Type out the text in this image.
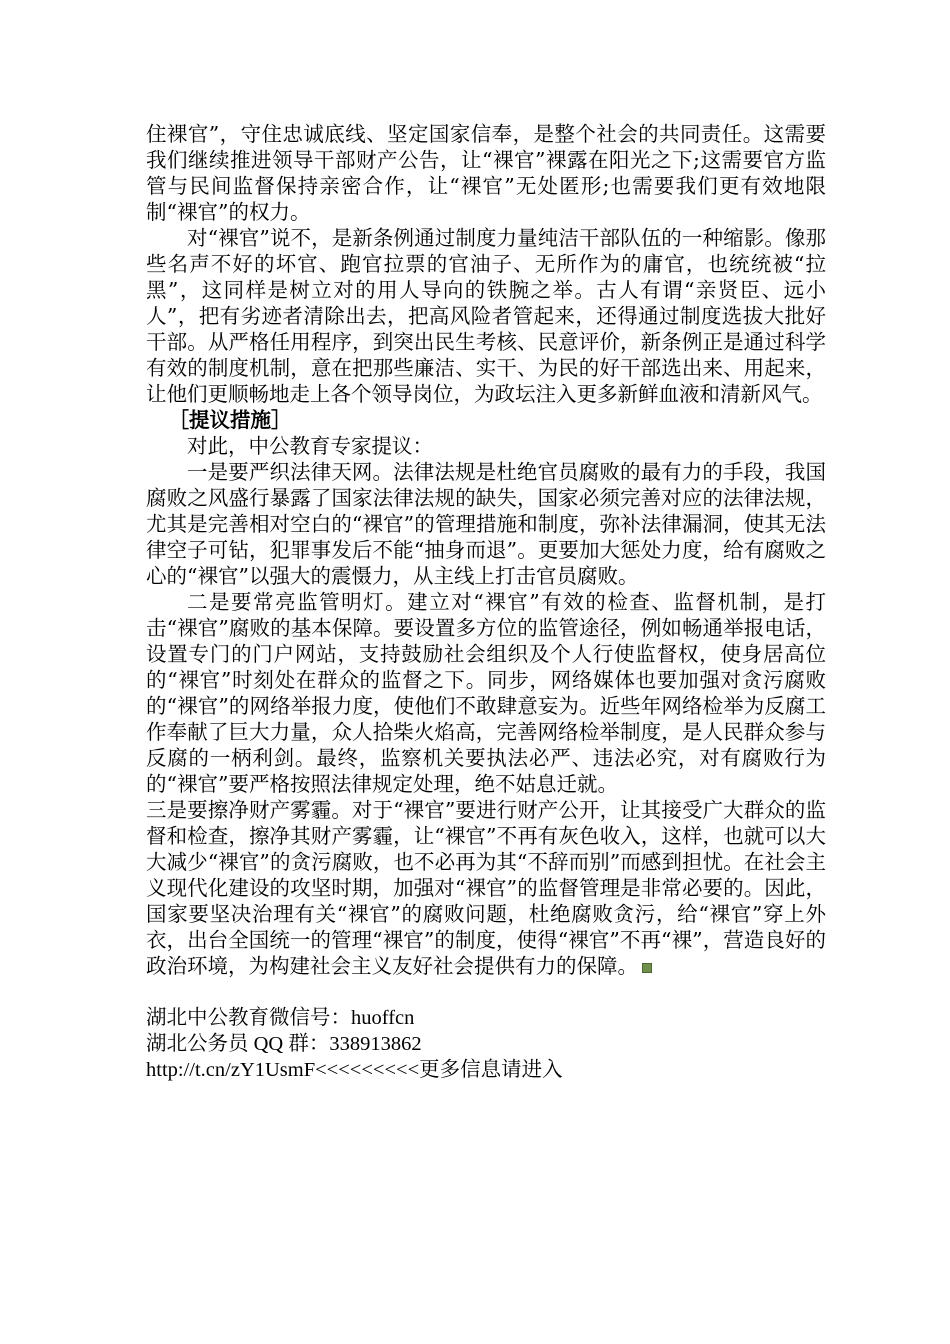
住裸官”，守住忠诚底线、坚定国家信奉，是整个社会的共同责任。这需要我们继续推进领导干部财产公告，让“裸官”裸露在阳光之下;这需要官方监管与民间监督保持亲密合作，让“裸官”无处匿形;也需要我们更有效地限制“裸官”的权力。

对“裸官”说不，是新条例通过制度力量纯洁干部队伍的一种缩影。像那些名声不好的坏官、跑官拉票的官油子、无所作为的庸官，也统统被“拉黑”，这同样是树立对的用人导向的铁腕之举。古人有谓“亲贤臣、远小人”，把有劣迹者清除出去，把高风险者管起来，还得通过制度选拔大批好干部。从严格任用程序，到突出民生考核、民意评价，新条例正是通过科学有效的制度机制，意在把那些廉洁、实干、为民的好干部选出来、用起来，让他们更顺畅地走上各个领导岗位，为政坛注入更多新鲜血液和清新风气。

［提议措施］

对此，中公教育专家提议：

一是要严织法律天网。法律法规是杜绝官员腐败的最有力的手段，我国腐败之风盛行暴露了国家法律法规的缺失，国家必须完善对应的法律法规，尤其是完善相对空白的“裸官”的管理措施和制度，弥补法律漏洞，使其无法律空子可钻，犯罪事发后不能“抽身而退”。更要加大惩处力度，给有腐败之心的“裸官”以强大的震慑力，从主线上打击官员腐败。

二是要常亮监管明灯。建立对“裸官”有效的检查、监督机制，是打击“裸官”腐败的基本保障。要设置多方位的监管途径，例如畅通举报电话，设置专门的门户网站，支持鼓励社会组织及个人行使监督权，使身居高位的“裸官”时刻处在群众的监督之下。同步，网络媒体也要加强对贪污腐败的“裸官”的网络举报力度，使他们不敢肆意妄为。近些年网络检举为反腐工作奉献了巨大力量，众人拾柴火焰高，完善网络检举制度，是人民群众参与反腐的一柄利剑。最终，监察机关要执法必严、违法必究，对有腐败行为的“裸官”要严格按照法律规定处理，绝不姑息迁就。

三是要擦净财产雾霾。对于“裸官”要进行财产公开，让其接受广大群众的监督和检查，擦净其财产雾霾，让“裸官”不再有灰色收入，这样，也就可以大大减少“裸官”的贪污腐败，也不必再为其“不辞而别”而感到担忧。在社会主义现代化建设的攻坚时期，加强对“裸官”的监督管理是非常必要的。因此，国家要坚决治理有关“裸官”的腐败问题，杜绝腐败贪污，给“裸官”穿上外衣，出台全国统一的管理“裸官”的制度，使得“裸官”不再“裸”，营造良好的政治环境，为构建社会主义友好社会提供有力的保障。

湖北中公教育微信号：huoffcn

湖北公务员 QQ 群：338913862

http://t.cn/zY1UsmF<<<<<<<<<更多信息请进入
